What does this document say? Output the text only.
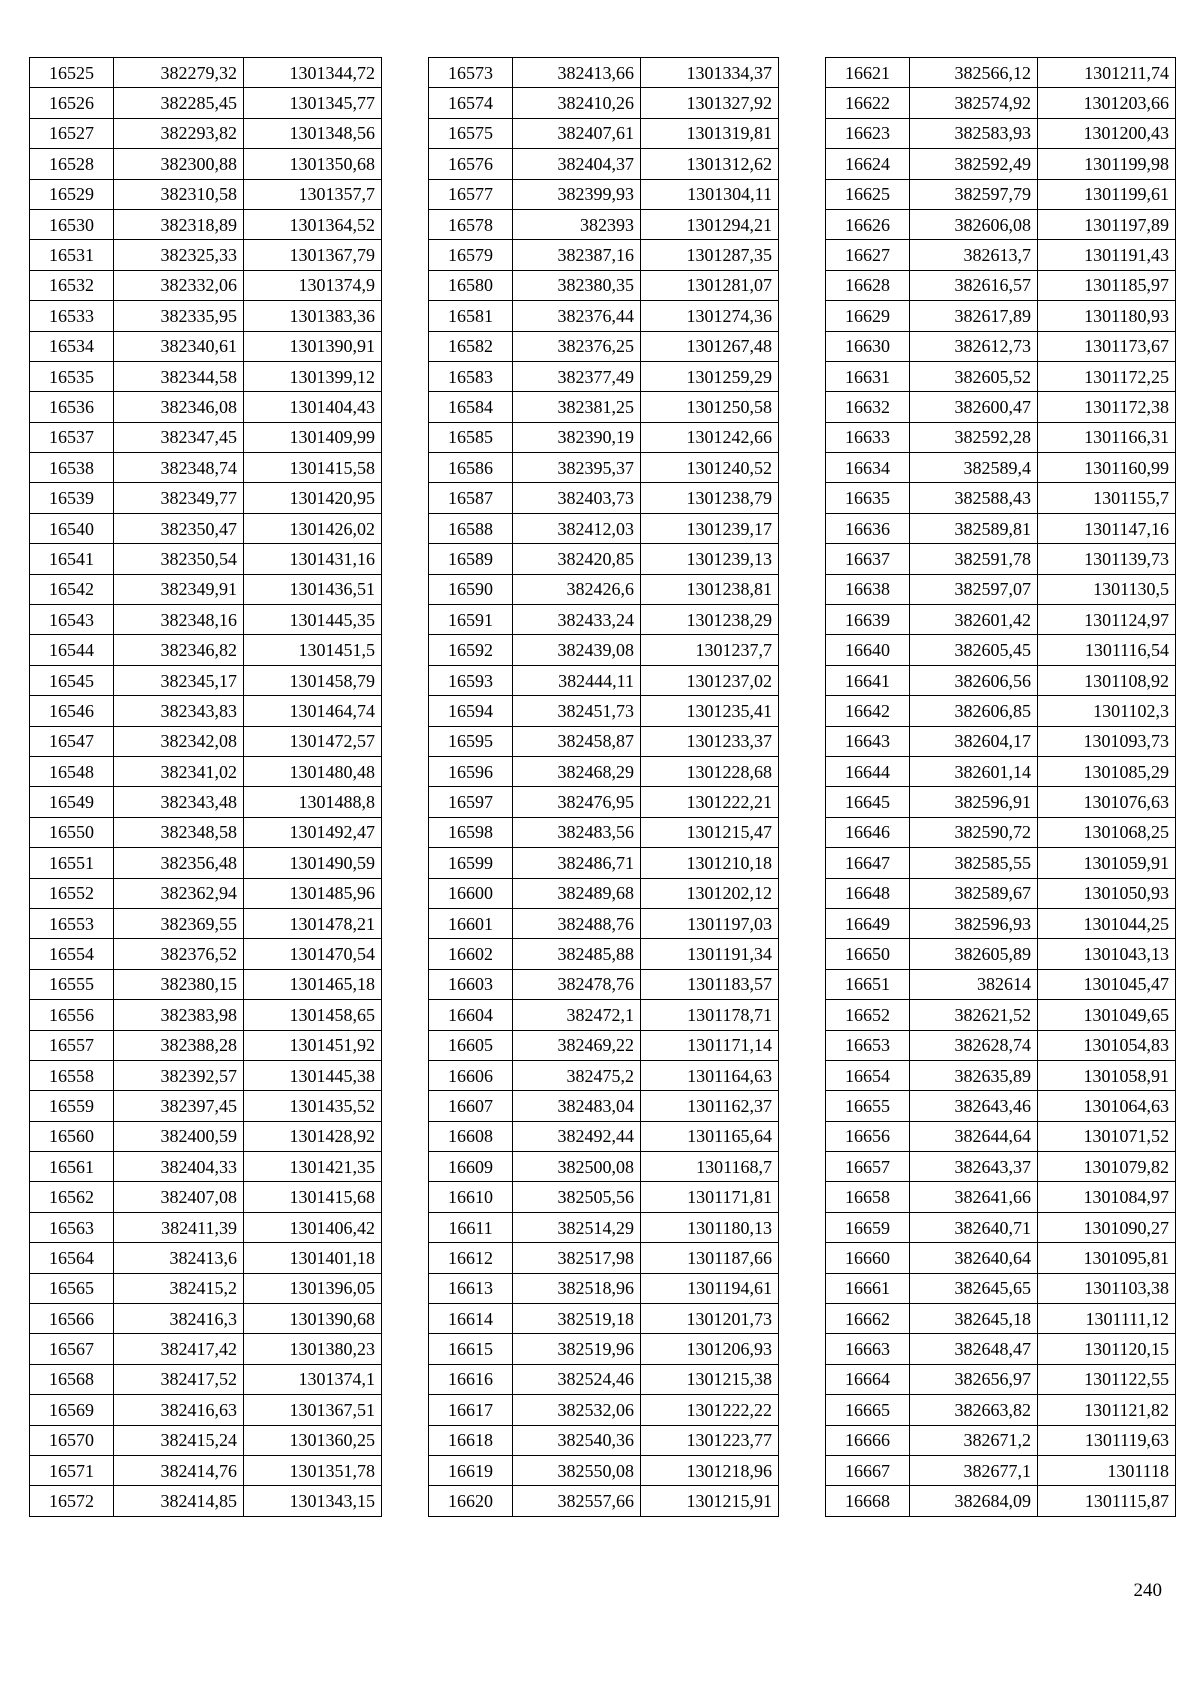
16525	382279,32	1301344,72
16526	382285,45	1301345,77
16527	382293,82	1301348,56
16528	382300,88	1301350,68
16529	382310,58	1301357,7
16530	382318,89	1301364,52
16531	382325,33	1301367,79
16532	382332,06	1301374,9
16533	382335,95	1301383,36
16534	382340,61	1301390,91
16535	382344,58	1301399,12
16536	382346,08	1301404,43
16537	382347,45	1301409,99
16538	382348,74	1301415,58
16539	382349,77	1301420,95
16540	382350,47	1301426,02
16541	382350,54	1301431,16
16542	382349,91	1301436,51
16543	382348,16	1301445,35
16544	382346,82	1301451,5
16545	382345,17	1301458,79
16546	382343,83	1301464,74
16547	382342,08	1301472,57
16548	382341,02	1301480,48
16549	382343,48	1301488,8
16550	382348,58	1301492,47
16551	382356,48	1301490,59
16552	382362,94	1301485,96
16553	382369,55	1301478,21
16554	382376,52	1301470,54
16555	382380,15	1301465,18
16556	382383,98	1301458,65
16557	382388,28	1301451,92
16558	382392,57	1301445,38
16559	382397,45	1301435,52
16560	382400,59	1301428,92
16561	382404,33	1301421,35
16562	382407,08	1301415,68
16563	382411,39	1301406,42
16564	382413,6	1301401,18
16565	382415,2	1301396,05
16566	382416,3	1301390,68
16567	382417,42	1301380,23
16568	382417,52	1301374,1
16569	382416,63	1301367,51
16570	382415,24	1301360,25
16571	382414,76	1301351,78
16572	382414,85	1301343,15
16573	382413,66	1301334,37
16574	382410,26	1301327,92
16575	382407,61	1301319,81
16576	382404,37	1301312,62
16577	382399,93	1301304,11
16578	382393	1301294,21
16579	382387,16	1301287,35
16580	382380,35	1301281,07
16581	382376,44	1301274,36
16582	382376,25	1301267,48
16583	382377,49	1301259,29
16584	382381,25	1301250,58
16585	382390,19	1301242,66
16586	382395,37	1301240,52
16587	382403,73	1301238,79
16588	382412,03	1301239,17
16589	382420,85	1301239,13
16590	382426,6	1301238,81
16591	382433,24	1301238,29
16592	382439,08	1301237,7
16593	382444,11	1301237,02
16594	382451,73	1301235,41
16595	382458,87	1301233,37
16596	382468,29	1301228,68
16597	382476,95	1301222,21
16598	382483,56	1301215,47
16599	382486,71	1301210,18
16600	382489,68	1301202,12
16601	382488,76	1301197,03
16602	382485,88	1301191,34
16603	382478,76	1301183,57
16604	382472,1	1301178,71
16605	382469,22	1301171,14
16606	382475,2	1301164,63
16607	382483,04	1301162,37
16608	382492,44	1301165,64
16609	382500,08	1301168,7
16610	382505,56	1301171,81
16611	382514,29	1301180,13
16612	382517,98	1301187,66
16613	382518,96	1301194,61
16614	382519,18	1301201,73
16615	382519,96	1301206,93
16616	382524,46	1301215,38
16617	382532,06	1301222,22
16618	382540,36	1301223,77
16619	382550,08	1301218,96
16620	382557,66	1301215,91
16621	382566,12	1301211,74
16622	382574,92	1301203,66
16623	382583,93	1301200,43
16624	382592,49	1301199,98
16625	382597,79	1301199,61
16626	382606,08	1301197,89
16627	382613,7	1301191,43
16628	382616,57	1301185,97
16629	382617,89	1301180,93
16630	382612,73	1301173,67
16631	382605,52	1301172,25
16632	382600,47	1301172,38
16633	382592,28	1301166,31
16634	382589,4	1301160,99
16635	382588,43	1301155,7
16636	382589,81	1301147,16
16637	382591,78	1301139,73
16638	382597,07	1301130,5
16639	382601,42	1301124,97
16640	382605,45	1301116,54
16641	382606,56	1301108,92
16642	382606,85	1301102,3
16643	382604,17	1301093,73
16644	382601,14	1301085,29
16645	382596,91	1301076,63
16646	382590,72	1301068,25
16647	382585,55	1301059,91
16648	382589,67	1301050,93
16649	382596,93	1301044,25
16650	382605,89	1301043,13
16651	382614	1301045,47
16652	382621,52	1301049,65
16653	382628,74	1301054,83
16654	382635,89	1301058,91
16655	382643,46	1301064,63
16656	382644,64	1301071,52
16657	382643,37	1301079,82
16658	382641,66	1301084,97
16659	382640,71	1301090,27
16660	382640,64	1301095,81
16661	382645,65	1301103,38
16662	382645,18	1301111,12
16663	382648,47	1301120,15
16664	382656,97	1301122,55
16665	382663,82	1301121,82
16666	382671,2	1301119,63
16667	382677,1	1301118
16668	382684,09	1301115,87
240
